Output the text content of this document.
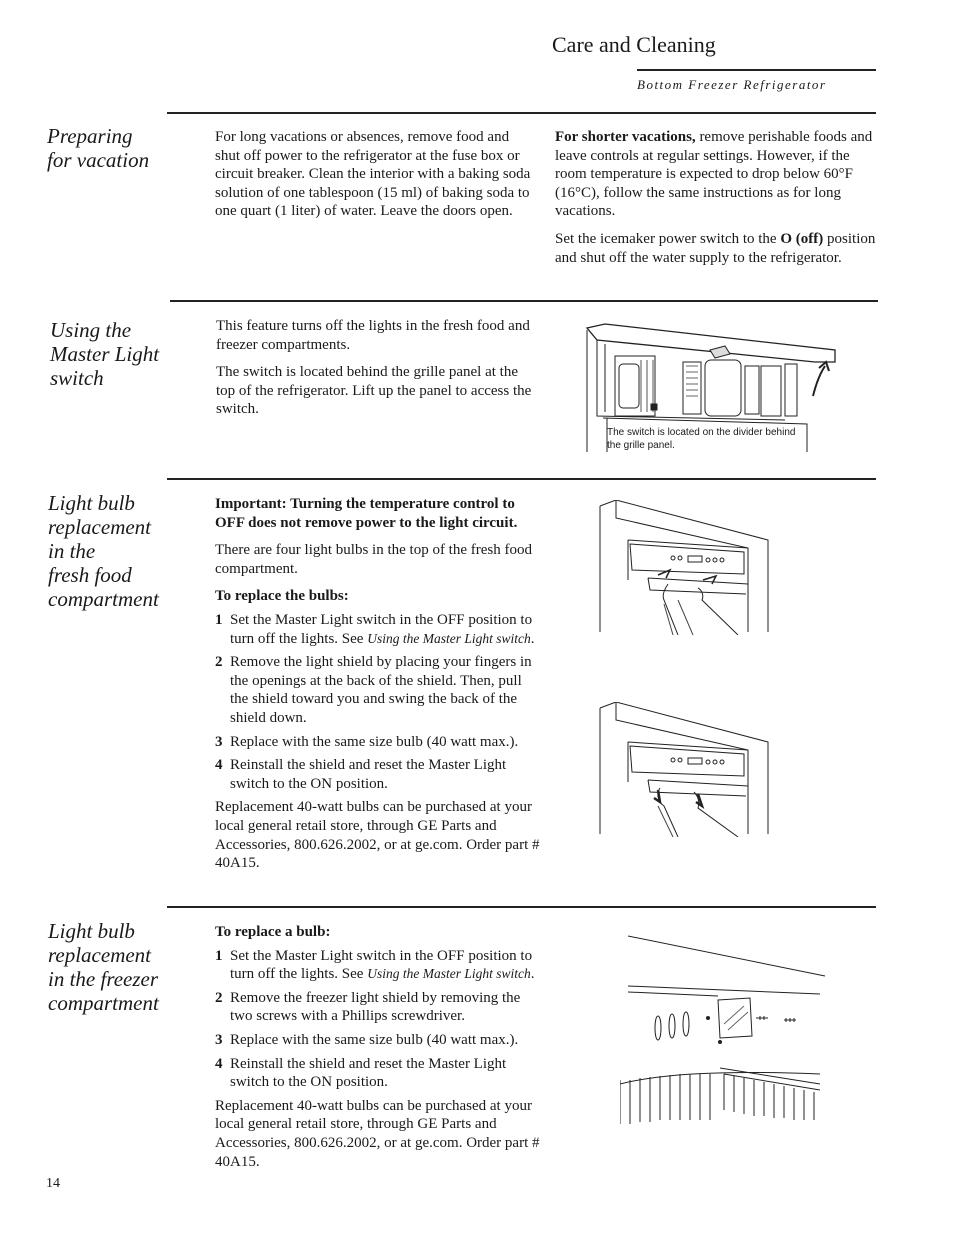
Care and Cleaning
Bottom Freezer Refrigerator
Preparing
for vacation

For long vacations or absences, remove food and shut off power to the refrigerator at the fuse box or circuit breaker. Clean the interior with a baking soda solution of one tablespoon (15 ml) of baking soda to one quart (1 liter) of water. Leave the doors open.

For shorter vacations, remove perishable foods and leave controls at regular settings. However, if the room temperature is expected to drop below 60°F (16°C), follow the same instructions as for long vacations.

Set the icemaker power switch to the O (off) position and shut off the water supply to the refrigerator.

Using the
Master Light
switch

This feature turns off the lights in the fresh food and freezer compartments.

The switch is located behind the grille panel at the top of the refrigerator. Lift up the panel to access the switch.

The switch is located on the divider behind the grille panel.
Light bulb
replacement
in the
fresh food
compartment

Important: Turning the temperature control to OFF does not remove power to the light circuit.

There are four light bulbs in the top of the fresh food compartment.

To replace the bulbs:

1 Set the Master Light switch in the OFF position to turn off the lights. See Using the Master Light switch.
2 Remove the light shield by placing your fingers in the openings at the back of the shield. Then, pull the shield toward you and swing the back of the shield down.
3 Replace with the same size bulb (40 watt max.).
4 Reinstall the shield and reset the Master Light switch to the ON position.

Replacement 40-watt bulbs can be purchased at your local general retail store, through GE Parts and Accessories, 800.626.2002, or at ge.com. Order part # 40A15.

Light bulb
replacement
in the freezer
compartment

To replace a bulb:

1 Set the Master Light switch in the OFF position to turn off the lights. See Using the Master Light switch.
2 Remove the freezer light shield by removing the two screws with a Phillips screwdriver.
3 Replace with the same size bulb (40 watt max.).
4 Reinstall the shield and reset the Master Light switch to the ON position.

Replacement 40-watt bulbs can be purchased at your local general retail store, through GE Parts and Accessories, 800.626.2002, or at ge.com. Order part # 40A15.

14
